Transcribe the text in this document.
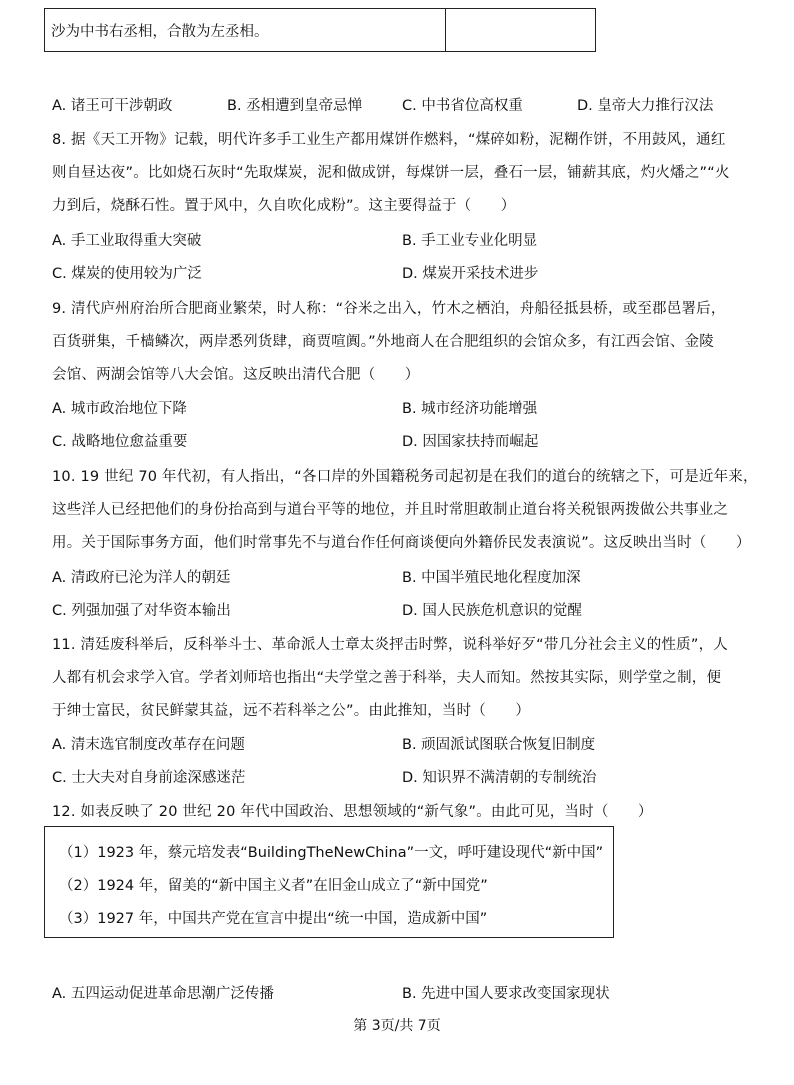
沙为中书右丞相，合散为左丞相。	
A. 诸王可干涉朝政	B. 丞相遭到皇帝忌惮	C. 中书省位高权重	D. 皇帝大力推行汉法
8. 据《天工开物》记载，明代许多手工业生产都用煤饼作燃料，“煤碎如粉，泥糊作饼，不用鼓风，通红
则自昼达夜”。比如烧石灰时“先取煤炭，泥和做成饼，每煤饼一层，叠石一层，铺薪其底，灼火燔之”“火
力到后，烧酥石性。置于风中，久自吹化成粉”。这主要得益于（　　）
A. 手工业取得重大突破	B. 手工业专业化明显
C. 煤炭的使用较为广泛	D. 煤炭开采技术进步
9. 清代庐州府治所合肥商业繁荣，时人称：“谷米之出入，竹木之栖泊，舟船径抵县桥，或至郡邑署后，
百货骈集，千樯鳞次，两岸悉列货肆，商贾喧阗。”外地商人在合肥组织的会馆众多，有江西会馆、金陵
会馆、两湖会馆等八大会馆。这反映出清代合肥（　　）
A. 城市政治地位下降	B. 城市经济功能增强
C. 战略地位愈益重要	D. 因国家扶持而崛起
10. 19 世纪 70 年代初，有人指出，“各口岸的外国籍税务司起初是在我们的道台的统辖之下，可是近年来，
这些洋人已经把他们的身份抬高到与道台平等的地位，并且时常胆敢制止道台将关税银两拨做公共事业之
用。关于国际事务方面，他们时常事先不与道台作任何商谈便向外籍侨民发表演说”。这反映出当时（　　）
A. 清政府已沦为洋人的朝廷	B. 中国半殖民地化程度加深
C. 列强加强了对华资本输出	D. 国人民族危机意识的觉醒
11. 清廷废科举后，反科举斗士、革命派人士章太炎抨击时弊，说科举好歹“带几分社会主义的性质”，人
人都有机会求学入官。学者刘师培也指出“夫学堂之善于科举，夫人而知。然按其实际，则学堂之制，便
于绅士富民，贫民鲜蒙其益，远不若科举之公”。由此推知，当时（　　）
A. 清末选官制度改革存在问题	B. 顽固派试图联合恢复旧制度
C. 士大夫对自身前途深感迷茫	D. 知识界不满清朝的专制统治
12. 如表反映了 20 世纪 20 年代中国政治、思想领域的“新气象”。由此可见，当时（　　）
（1）1923 年，蔡元培发表“BuildingTheNewChina”一文，呼吁建设现代“新中国”
（2）1924 年，留美的“新中国主义者”在旧金山成立了“新中国党”
（3）1927 年，中国共产党在宣言中提出“统一中国，造成新中国”
A. 五四运动促进革命思潮广泛传播	B. 先进中国人要求改变国家现状
第 3页/共 7页
